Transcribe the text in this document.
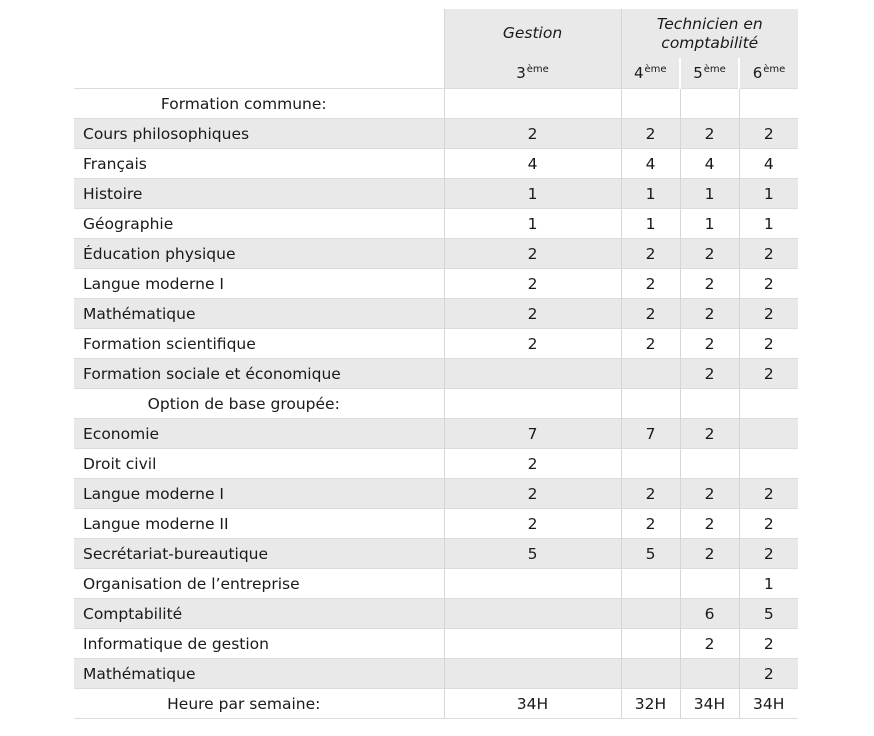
	Gestion	Technicien en comptabilité		
	3ème	4ème	5ème	6ème
Formation commune:				
Cours philosophiques	2	2	2	2
Français	4	4	4	4
Histoire	1	1	1	1
Géographie	1	1	1	1
Éducation physique	2	2	2	2
Langue moderne I	2	2	2	2
Mathématique	2	2	2	2
Formation scientifique	2	2	2	2
Formation sociale et économique			2	2
Option de base groupée:				
Economie	7	7	2	
Droit civil	2			
Langue moderne I	2	2	2	2
Langue moderne II	2	2	2	2
Secrétariat-bureautique	5	5	2	2
Organisation de l’entreprise				1
Comptabilité			6	5
Informatique de gestion			2	2
Mathématique				2
Heure par semaine:	34H	32H	34H	34H
